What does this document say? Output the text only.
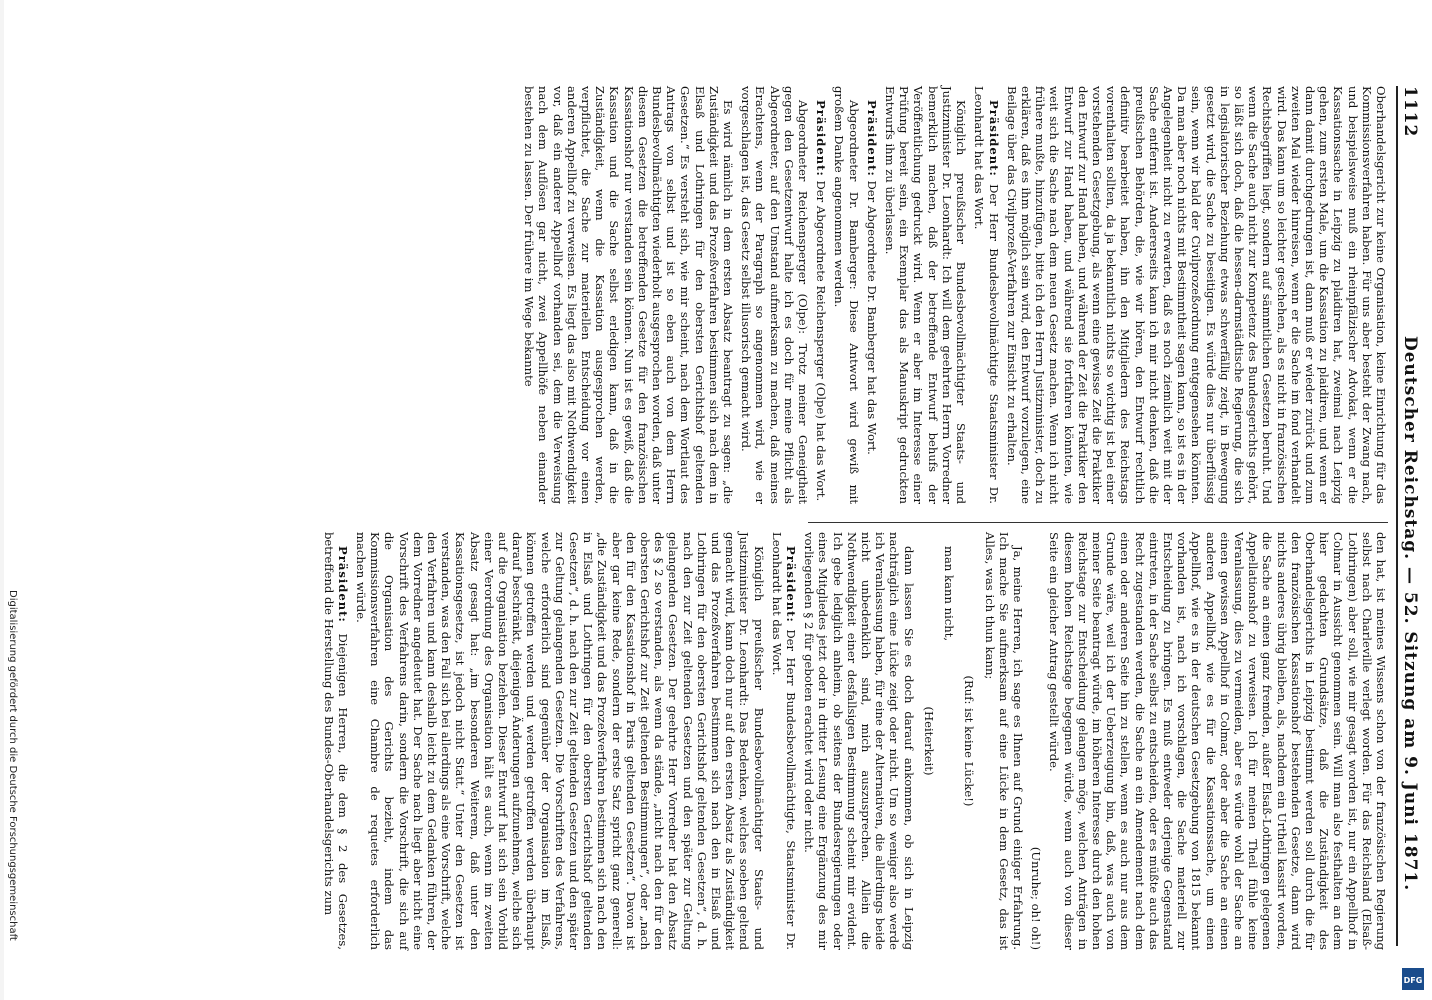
1112
Deutscher Reichstag. — 52. Sitzung am 9. Juni 1871.

Oberhandelsgericht zur keine Organisation, keine Einrichtung für das Kommissionsverfahren haben. Für uns aber besteht der Zwang nach, und beispielsweise muß ein rheinpfälzischer Advokat, wenn er die Kassationssache in Leipzig zu plaidiren hat, zweimal nach Leipzig gehen, zum ersten Male, um die Kassation zu plaidiren, und wenn er dann damit durchgedrungen ist, dann muß er wieder zurück und zum zweiten Mal wieder hinreisen, wenn er die Sache im fond verhandelt wird. Das kann um so leichter geschehen, als es nicht in französischen Rechtsbegriffen liegt, sondern auf sämmtlichen Gesetzen beruht. Und wenn die Sache auch nicht zur Kompetenz des Bundesgerichts gehört, so läßt sich doch, daß die hessen-darmstädtische Regierung, die sich in legislatorischer Beziehung etwas schwerfällig zeigt, in Bewegung gesetzt wird, die Sache zu beseitigen. Es würde dies nur überflüssig sein, wenn wir bald der Civilprozeßordnung entgegensehen könnten. Da man aber noch nichts mit Bestimmtheit sagen kann, so ist es in der Angelegenheit nicht zu erwarten, daß es noch ziemlich weit mit der Sache entfernt ist. Andererseits kann ich mir nicht denken, daß die preußischen Behörden, die, wie wir hören, den Entwurf rechtlich definitiv bearbeitet haben, ihn den Mitgliedern des Reichstags vorenthalten sollten, da ja bekanntlich nichts so wichtig ist bei einer vorstehenden Gesetzgebung, als wenn eine gewisse Zeit die Praktiker den Entwurf zur Hand haben, und während der Zeit die Praktiker den Entwurf zur Hand haben, und während sie fortfahren könnten, wie weit sich die Sache nach dem neuen Gesetz machen. Wenn ich nicht frühere mußte, hinzufügen, bitte ich den Herrn Justizminister, doch zu erklären, daß es ihm möglich sein wird, den Entwurf vorzulegen, eine Beilage über das Civilprozeß-Verfahren zur Einsicht zu erhalten.

Präsident: Der Herr Bundesbevollmächtigte Staatsminister Dr. Leonhardt hat das Wort.

Königlich preußischer Bundesbevollmächtigter Staats- und Justizminister Dr. Leonhardt: Ich will dem geehrten Herrn Vorredner bemerklich machen, daß der betreffende Entwurf behufs der Veröffentlichung gedruckt wird. Wenn er aber im Interesse einer Prüfung bereit sein, ein Exemplar das als Manuskript gedruckten Entwurfs ihm zu überlassen.

Präsident: Der Abgeordnete Dr. Bamberger hat das Wort.

Abgeordneter Dr. Bamberger: Diese Antwort wird gewiß mit großem Danke angenommen werden.

Präsident: Der Abgeordnete Reichensperger (Olpe) hat das Wort.

Abgeordneter Reichensperger (Olpe): Trotz meiner Geneigtheit gegen den Gesetzentwurf halte ich es doch für meine Pflicht als Abgeordneter, auf den Umstand aufmerksam zu machen, daß meines Erachtens, wenn der Paragraph so angenommen wird, wie er vorgeschlagen ist, das Gesetz selbst illusorisch gemacht wird.

Es wird nämlich in dem ersten Absatz beantragt zu sagen: „die Zuständigkeit und das Prozeßverfahren bestimmen sich nach dem in Elsaß und Lothringen für den obersten Gerichtshof geltenden Gesetzen.“ Es versteht sich, wie mir scheint, nach dem Wortlaut des Antrags von selbst und ist so eben auch von dem Herrn Bundesbevollmächtigten wiederholt ausgesprochen worden, daß unter diesem Gesetzen die betreffenden Gesetze für den französischen Kassationshof nur verstanden sein können. Nun ist es gewiß, daß die Kassation und die Sache selbst erledigen kann, daß in die Zuständigkeit, wenn die Kassation ausgesprochen werden, verpflichtet, die Sache zur materiellen Entscheidung vor einen anderen Appellhof zu verweisen. Es liegt das also mit Nothwendigkeit vor, daß ein anderer Appellhof vorhanden sei, dem die Verweisung nach dem Auflösen gar nicht, zwei Appellhöfe neben einander bestehen zu lassen. Der frühere im Wege bekannte

den hat, ist meines Wissens schon von der französischen Regierung selbst nach Charleville verlegt worden. Für das Reichsland (Elsaß-Lothringen) aber soll, wie mir gesagt worden ist, nur ein Appellhof in Colmar in Aussicht genommen sein. Will man also festhalten an dem hier gedachten Grundsätze, daß die Zuständigkeit des Oberhandelsgerichts in Leipzig bestimmt werden soll durch die für den französischen Kassationshof bestehenden Gesetze, dann wird nichts anderes übrig bleiben, als, nachdem ein Urtheil kassirt worden, die Sache an einen ganz fremden, außer Elsaß-Lothringen gelegenen Appellationshof zu verweisen. Ich für meinen Theil fühle keine Veranlassung, dies zu vermeiden, aber es würde wohl der Sache an einen gewissen Appellhof in Colmar, oder aber die Sache an einen anderen Appellhof, wie es für die Kassationssache, um einen Appellhof, wie es in der deutschen Gesetzgebung von 1815 bekannt vorhanden ist, nach ich vorschlagen, die Sache materiell zur Entscheidung zu bringen. Es muß entweder derjenige Gegenstand eintreten, in der Sache selbst zu entscheiden, oder es müßte auch das Recht zugestanden werden, die Sache an ein Amendement nach dem einen oder anderen Seite hin zu stellen, wenn es auch nur aus dem Grunde wäre, weil ich der Ueberzeugung bin, daß, was auch von meiner Seite beantragt würde, im höheren Interesse durch den hohen Reichstage zur Entscheidung gelangen möge, welchen Anträgen in diesem hohen Reichstage begegnen würde, wenn auch von dieser Seite ein gleicher Antrag gestellt würde.

(Unruhe; oh! oh!)

Ja, meine Herren, ich sage es Ihnen auf Grund einiger Erfahrung. Ich mache Sie aufmerksam auf eine Lücke in dem Gesetz, das ist Alles, was ich thun kann;

(Ruf: ist keine Lücke!)

man kann nicht,

(Heiterkeit)

dann lassen Sie es doch darauf ankommen, ob sich in Leipzig nachträglich eine Lücke zeigt oder nicht. Um so weniger also werde ich Veranlassung haben, für eine der Alternativen, die allerdings beide nicht unbedenklich sind, mich auszusprechen. Allein die Nothwendigkeit einer desfallsigen Bestimmung scheint mir evident. Ich gebe lediglich anheim, ob seitens der Bundesregierungen oder eines Mitgliedes jetzt oder in dritter Lesung eine Ergänzung des mir vorliegenden § 2 für geboten erachtet wird oder nicht.

Präsident: Der Herr Bundesbevollmächtigte, Staatsminister Dr. Leonhardt hat das Wort.

Königlich preußischer Bundesbevollmächtigter Staats- und Justizminister Dr. Leonhardt: Das Bedenken, welches soeben geltend gemacht wird, kann doch nur auf den ersten Absatz als Zuständigkeit und das Prozeßverfahren bestimmen sich nach den in Elsaß und Lothringen für den obersten Gerichtshof geltenden Gesetzen“, d. h. nach den zur Zeit geltenden Gesetzen und den später zur Geltung gelangenden Gesetzen. Der geehrte Herr Vorredner hat den Absatz des § 2 so verstanden, als wenn da stände, „nicht nach den für den obersten Gerichtshof zur Zeit geltenden Bestimmungen“, oder „nach den für den Kassationshof in Paris geltenden Gesetzen“. Davon ist aber gar keine Rede, sondern der erste Satz spricht ganz generell: „die Zuständigkeit und das Prozeßverfahren bestimmen sich nach den in Elsaß und Lothringen für den obersten Gerichtshof geltenden Gesetzen“, d. h. nach den zur Zeit geltenden Gesetzen und den später zur Geltung gelangenden Gesetzen. Die Vorschriften des Verfahrens, welche erforderlich sind gegenüber der Organisation im Elsaß, können getroffen werden und werden getroffen werden überhaupt darauf beschränkt, diejenigen Änderungen aufzunehmen, welche sich auf die Organisation beziehen. Dieser Entwurf hat sich sein Vorbild einer Verordnung des Organisation hält es auch, wenn im zweiten Absatz gesagt hat: „im besonderen Weiterem, daß unter den Kassationsgesetze, ist jedoch nicht Statt.“ Unter den Gesetzen ist verstanden, was den Fall sich bei allerdings als eine Vorschrift, welche den Verfahren und kann deshalb leicht zu dem Gedanken führen, der dem Vorredner angedeutet hat. Der Sache nach liegt aber nicht eine Vorschrift des Verfahrens darin, sondern die Vorschrift, die sich auf die Organisation des Gerichts bezieht, indem das Kommissionsverfahren eine Chambre de requetes erforderlich machen würde.

Präsident: Diejenigen Herren, die dem § 2 des Gesetzes, betreffend die Herstellung des Bundes-Oberhandelsgerichts zum

Digitalisierung gefördert durch die Deutsche Forschungsgemeinschaft
DFG
